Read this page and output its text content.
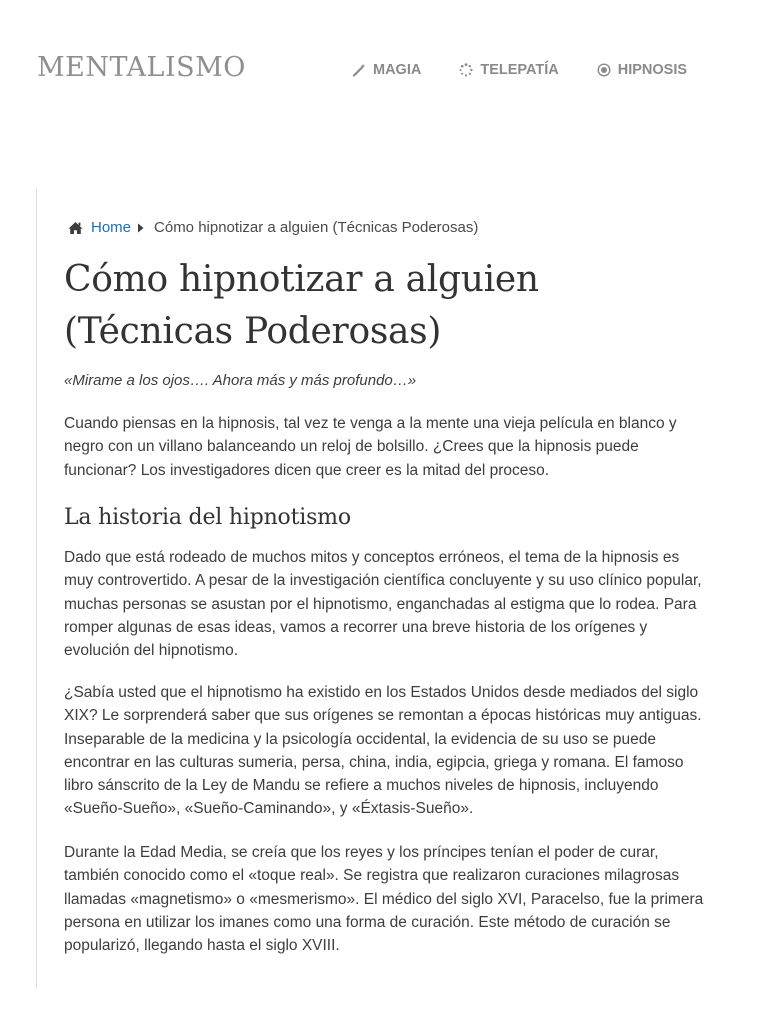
MENTALISMO	MAGIA	TELEPATÍA	HIPNOSIS
Home Cómo hipnotizar a alguien (Técnicas Poderosas)
Cómo hipnotizar a alguien (Técnicas Poderosas)

«Mirame a los ojos…. Ahora más y más profundo…»

Cuando piensas en la hipnosis, tal vez te venga a la mente una vieja película en blanco y negro con un villano balanceando un reloj de bolsillo. ¿Crees que la hipnosis puede funcionar? Los investigadores dicen que creer es la mitad del proceso.

La historia del hipnotismo

Dado que está rodeado de muchos mitos y conceptos erróneos, el tema de la hipnosis es muy controvertido. A pesar de la investigación científica concluyente y su uso clínico popular, muchas personas se asustan por el hipnotismo, enganchadas al estigma que lo rodea. Para romper algunas de esas ideas, vamos a recorrer una breve historia de los orígenes y evolución del hipnotismo.

¿Sabía usted que el hipnotismo ha existido en los Estados Unidos desde mediados del siglo XIX? Le sorprenderá saber que sus orígenes se remontan a épocas históricas muy antiguas. Inseparable de la medicina y la psicología occidental, la evidencia de su uso se puede encontrar en las culturas sumeria, persa, china, india, egipcia, griega y romana. El famoso libro sánscrito de la Ley de Mandu se refiere a muchos niveles de hipnosis, incluyendo «Sueño-Sueño», «Sueño-Caminando», y «Éxtasis-Sueño».

Durante la Edad Media, se creía que los reyes y los príncipes tenían el poder de curar, también conocido como el «toque real». Se registra que realizaron curaciones milagrosas llamadas «magnetismo» o «mesmerismo». El médico del siglo XVI, Paracelso, fue la primera persona en utilizar los imanes como una forma de curación. Este método de curación se popularizó, llegando hasta el siglo XVIII.
